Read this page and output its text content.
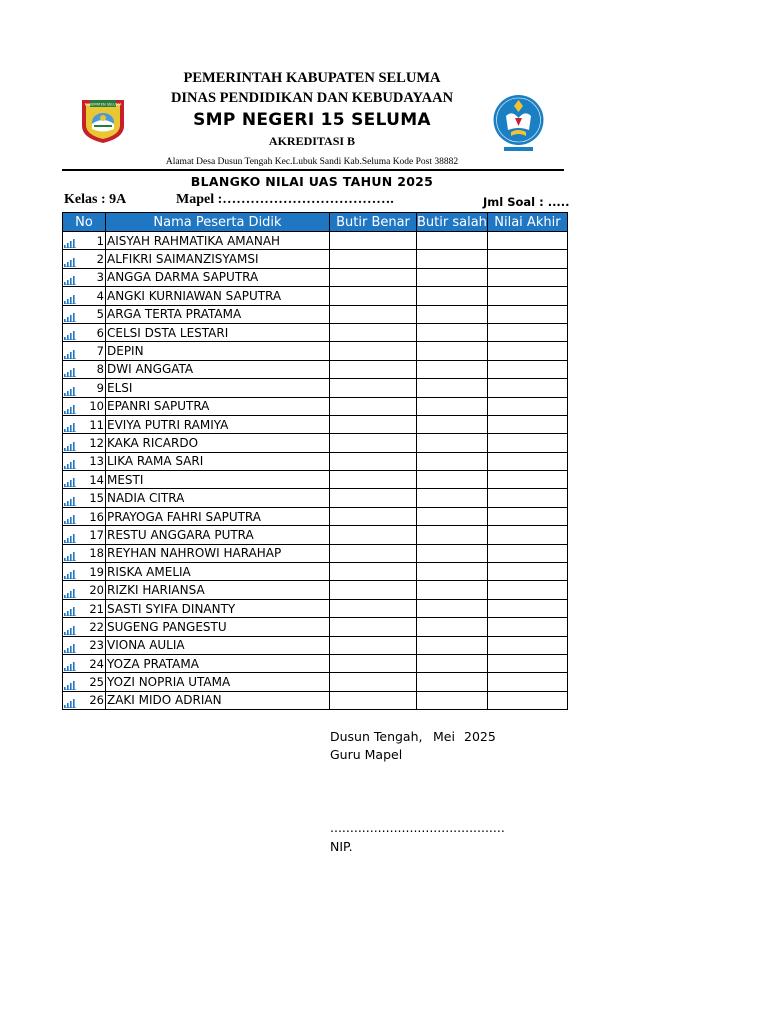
KABUPATEN SELUMA
PEMERINTAH KABUPATEN SELUMA
DINAS PENDIDIKAN DAN KEBUDAYAAN
SMP NEGERI 15 SELUMA
AKREDITASI B
Alamat Desa Dusun Tengah Kec.Lubuk Sandi Kab.Seluma Kode Post 38882
BLANGKO NILAI UAS TAHUN 2025
Kelas : 9A	Mapel :……………………………….	Jml Soal : .....
No	Nama Peserta Didik	Butir Benar	Butir salah	Nilai Akhir

1	AISYAH RAHMATIKA AMANAH			

2	ALFIKRI SAIMANZISYAMSI			

3	ANGGA DARMA SAPUTRA			

4	ANGKI KURNIAWAN SAPUTRA			

5	ARGA TERTA PRATAMA			

6	CELSI DSTA LESTARI			

7	DEPIN			

8	DWI ANGGATA			

9	ELSI			

10	EPANRI SAPUTRA			

11	EVIYA PUTRI RAMIYA			

12	KAKA RICARDO			

13	LIKA RAMA SARI			

14	MESTI			

15	NADIA CITRA			

16	PRAYOGA FAHRI SAPUTRA			

17	RESTU ANGGARA PUTRA			

18	REYHAN NAHROWI HARAHAP			

19	RISKA AMELIA			

20	RIZKI HARIANSA			

21	SASTI SYIFA DINANTY			

22	SUGENG PANGESTU			

23	VIONA AULIA			

24	YOZA PRATAMA			

25	YOZI NOPRIA UTAMA			

26	ZAKI MIDO ADRIAN			
Dusun Tengah, Mei 2025
Guru Mapel
............................................
NIP.
